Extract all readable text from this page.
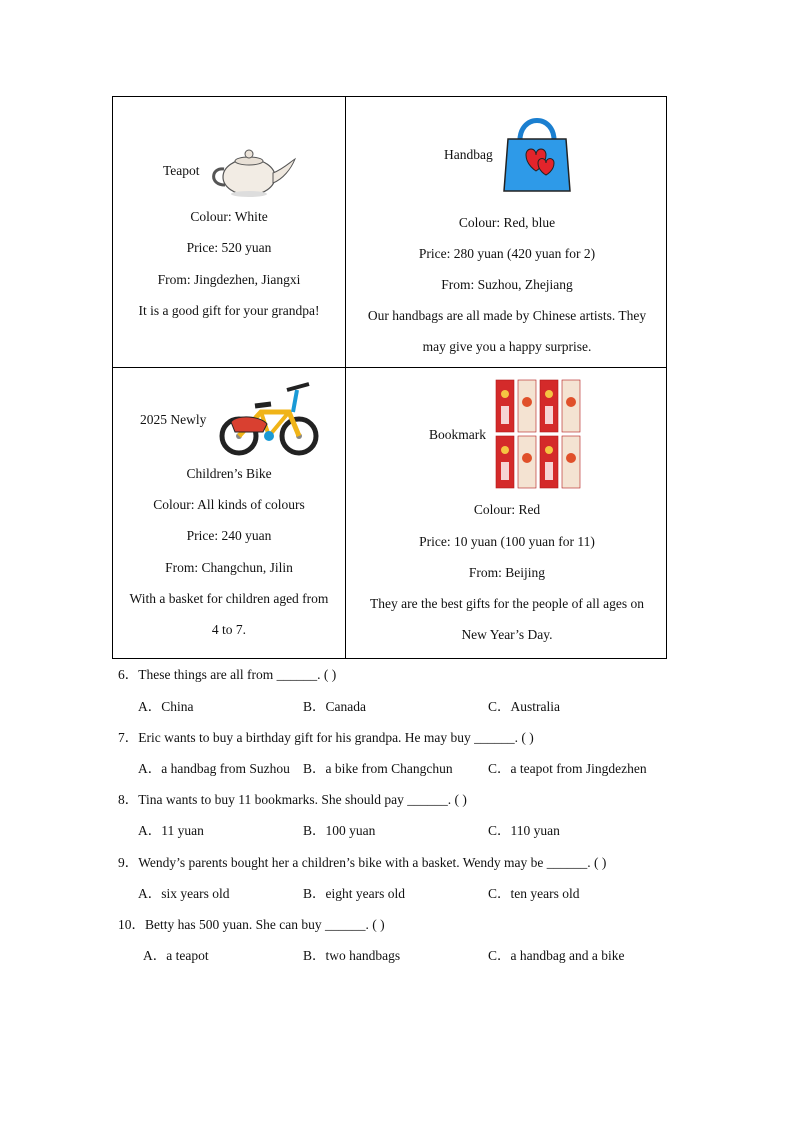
Teapot
Colour: White
Price: 520 yuan
From: Jingdezhen, Jiangxi
It is a good gift for your grandpa!
Handbag
Colour: Red, blue
Price: 280 yuan (420 yuan for 2)
From: Suzhou, Zhejiang
Our handbags are all made by Chinese artists. They
may give you a happy surprise.
2025 Newly
Children’s Bike
Colour: All kinds of colours
Price: 240 yuan
From: Changchun, Jilin
With a basket for children aged from
4 to 7.
Bookmark
Colour: Red
Price: 10 yuan (100 yuan for 11)
From: Beijing
They are the best gifts for the people of all ages on
New Year’s Day.
6．These things are all from ______. ( )
A．China	B．Canada	C．Australia
7．Eric wants to buy a birthday gift for his grandpa. He may buy ______. ( )
A．a handbag from Suzhou B．a bike from Changchun	C．a teapot from Jingdezhen
8．Tina wants to buy 11 bookmarks. She should pay ______. ( )
A．11 yuan	B．100 yuan	C．110 yuan
9．Wendy’s parents bought her a children’s bike with a basket. Wendy may be ______. ( )
A．six years old	B．eight years old	C．ten years old
10．Betty has 500 yuan. She can buy ______. ( )
A．a teapot	B．two handbags	C．a handbag and a bike
